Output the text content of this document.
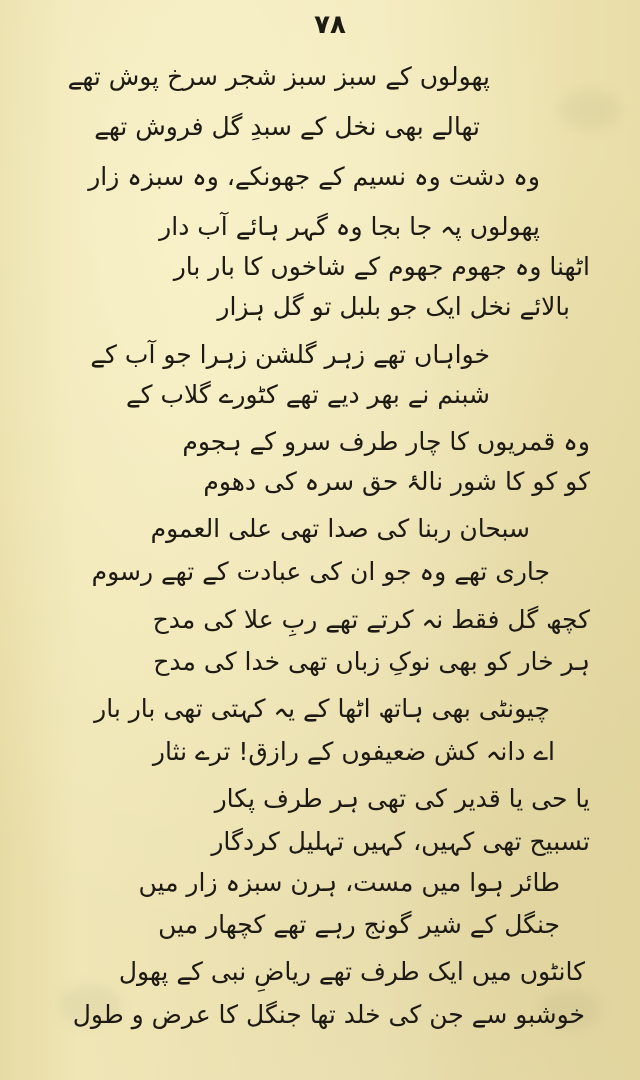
۷۸
پھولوں کے سبز سبز شجر سرخ پوش تھے
تھالے بھی نخل کے سبدِ گل فروش تھے
وہ دشت وہ نسیم کے جھونکے، وہ سبزہ زار
پھولوں پہ جا بجا وہ گہر ہائے آب دار
اٹھنا وہ جھوم جھوم کے شاخوں کا بار بار
بالائے نخل ایک جو بلبل تو گل ہزار
خواہاں تھے زہر گلشن زہرا جو آب کے
شبنم نے بھر دیے تھے کٹورے گلاب کے
وہ قمریوں کا چار طرف سرو کے ہجوم
کو کو کا شور نالۂ حق سرہ کی دھوم
سبحان ربنا کی صدا تھی علی العموم
جاری تھے وہ جو ان کی عبادت کے تھے رسوم
کچھ گل فقط نہ کرتے تھے ربِ علا کی مدح
ہر خار کو بھی نوکِ زباں تھی خدا کی مدح
چیونٹی بھی ہاتھ اٹھا کے یہ کہتی تھی بار بار
اے دانہ کش ضعیفوں کے رازق! ترے نثار
یا حی یا قدیر کی تھی ہر طرف پکار
تسبیح تھی کہیں، کہیں تہلیل کردگار
طائر ہوا میں مست، ہرن سبزہ زار میں
جنگل کے شیر گونج رہے تھے کچھار میں
کانٹوں میں ایک طرف تھے ریاضِ نبی کے پھول
خوشبو سے جن کی خلد تھا جنگل کا عرض و طول
